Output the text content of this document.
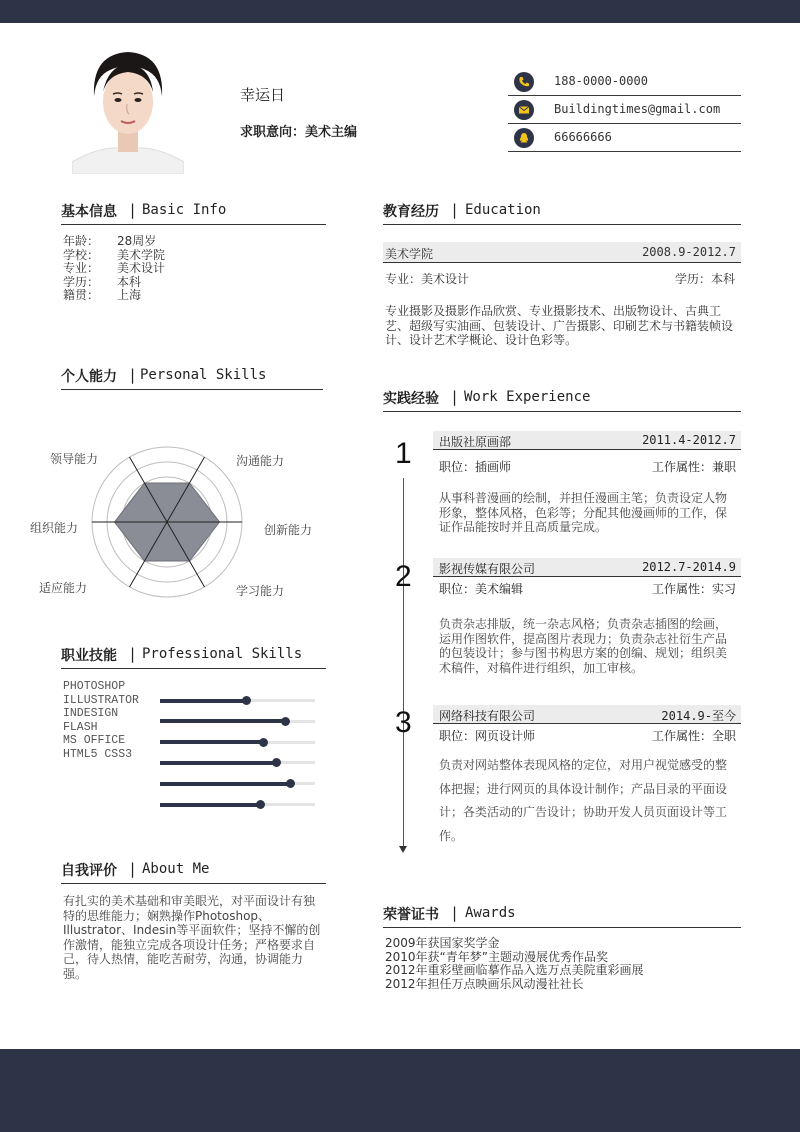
幸运日
求职意向：美术主编
188-0000-0000
Buildingtimes@gmail.com
66666666
基本信息 | Basic Info
年龄：	28周岁
学校：	美术学院
专业：	美术设计
学历：	本科
籍贯：	上海
个人能力 | Personal Skills
领导能力	沟通能力
组织能力	创新能力
适应能力	学习能力
职业技能 | Professional Skills
PHOTOSHOP
ILLUSTRATOR
INDESIGN
FLASH
MS OFFICE
HTML5 CSS3
自我评价 | About Me
有扎实的美术基础和审美眼光，对平面设计有独特的思维能力；娴熟操作Photoshop、Illustrator、Indesin等平面软件；坚持不懈的创作激情，能独立完成各项设计任务；严格要求自己，待人热情，能吃苦耐劳，沟通，协调能力强。
教育经历 | Education
美术学院	2008.9-2012.7
专业：美术设计	学历：本科
专业摄影及摄影作品欣赏、专业摄影技术、出版物设计、古典工艺、超级写实油画、包装设计、广告摄影、印刷艺术与书籍装帧设计、设计艺术学概论、设计色彩等。
实践经验 | Work Experience
1 出版社原画部	2011.4-2012.7
职位：插画师	工作属性：兼职
从事科普漫画的绘制，并担任漫画主笔；负责设定人物形象，整体风格，色彩等；分配其他漫画师的工作，保证作品能按时并且高质量完成。
2 影视传媒有限公司	2012.7-2014.9
职位：美术编辑	工作属性：实习
负责杂志排版，统一杂志风格；负责杂志插图的绘画，运用作图软件，提高图片表现力；负责杂志社衍生产品的包装设计；参与图书构思方案的创编、规划；组织美术稿件，对稿件进行组织，加工审核。
3 网络科技有限公司	2014.9-至今
职位：网页设计师	工作属性：全职
负责对网站整体表现风格的定位，对用户视觉感受的整体把握；进行网页的具体设计制作；产品目录的平面设计；各类活动的广告设计；协助开发人员页面设计等工作。
荣誉证书 | Awards
2009年获国家奖学金
2010年获“青年梦”主题动漫展优秀作品奖
2012年重彩壁画临摹作品入选万点美院重彩画展
2012年担任万点映画乐风动漫社社长
